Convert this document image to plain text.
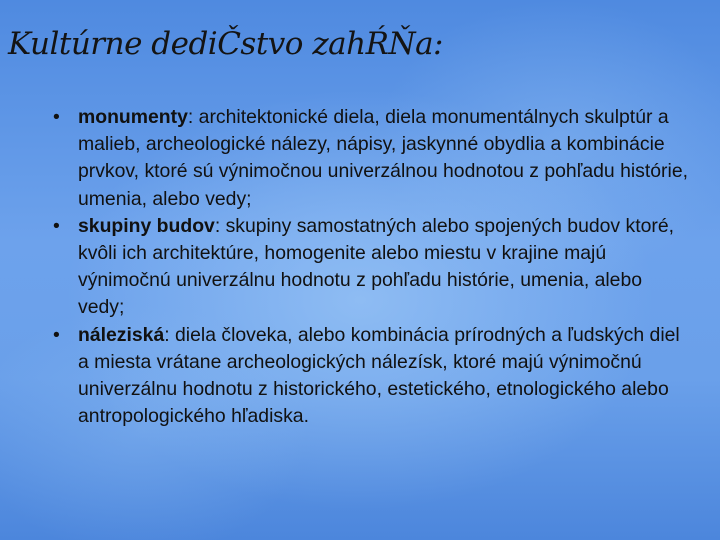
Kultúrne dediČstvo zahŔŇa:
• monumenty: architektonické diela, diela monumentálnych skulptúr a malieb, archeologické nálezy, nápisy, jaskynné obydlia a kombinácie prvkov, ktoré sú výnimočnou univerzálnou hodnotou z pohľadu histórie, umenia, alebo vedy;
• skupiny budov: skupiny samostatných alebo spojených budov ktoré, kvôli ich architektúre, homogenite alebo miestu v krajine majú výnimočnú univerzálnu hodnotu z pohľadu histórie, umenia, alebo vedy;
• náleziská: diela človeka, alebo kombinácia prírodných a ľudských diel a miesta vrátane archeologických nálezísk, ktoré majú výnimočnú univerzálnu hodnotu z historického, estetického, etnologického alebo antropologického hľadiska.
